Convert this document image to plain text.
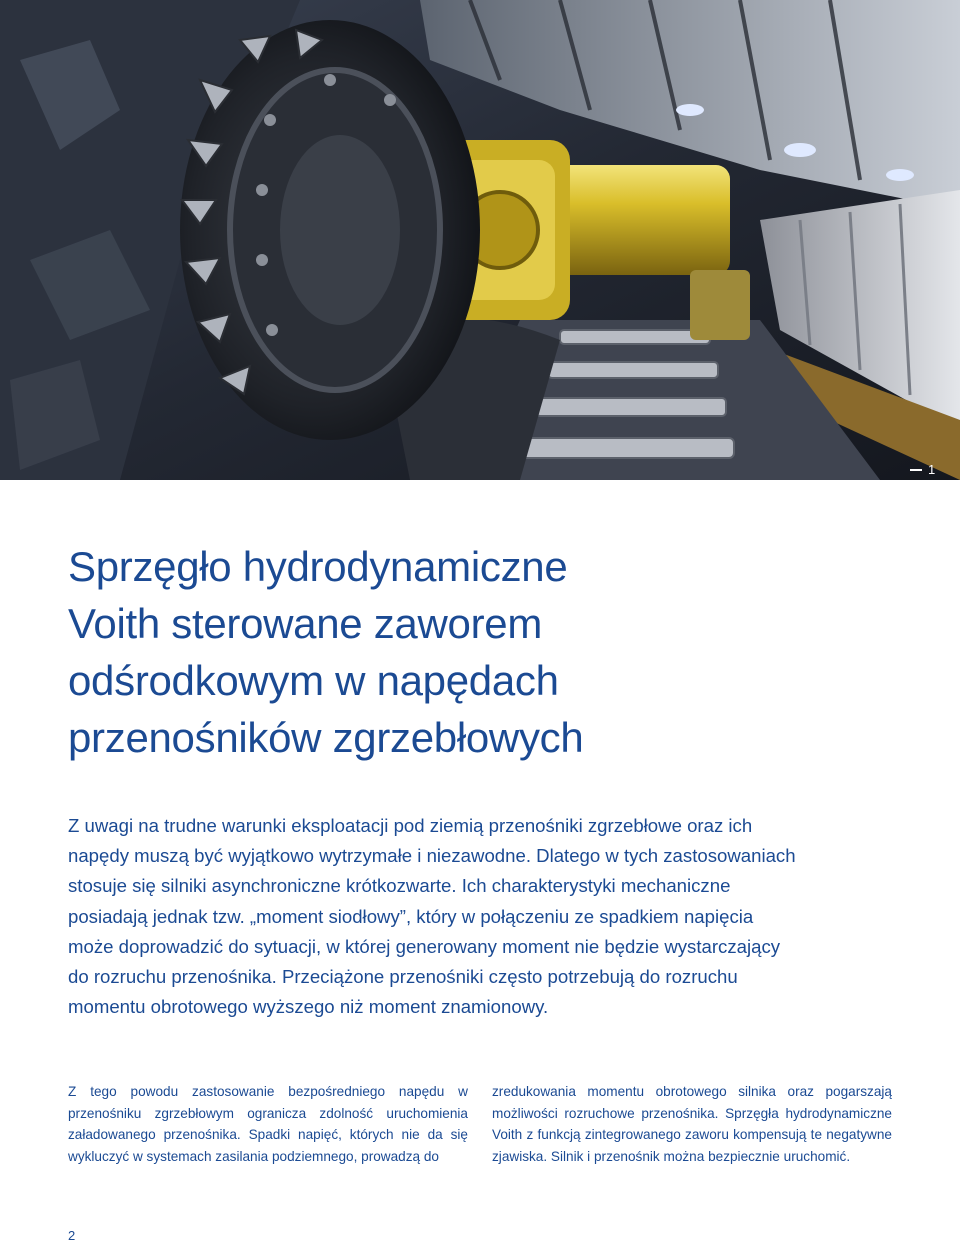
1
Sprzęgło hydrodynamiczne
Voith sterowane zaworem
odśrodkowym w napędach
przenośników zgrzebłowych

Z uwagi na trudne warunki eksploatacji pod ziemią przenośniki zgrzebłowe oraz ich napędy muszą być wyjątkowo wytrzymałe i niezawodne. Dlatego w tych zastosowaniach stosuje się silniki asynchroniczne krótkozwarte. Ich charakterystyki mechaniczne posiadają jednak tzw. „moment siodłowy”, który w połączeniu ze spadkiem napięcia może doprowadzić do sytuacji, w której generowany moment nie będzie wystarczający do rozruchu przenośnika. Przeciążone przenośniki często potrzebują do rozruchu momentu obrotowego wyższego niż moment znamionowy.

Z tego powodu zastosowanie bezpośredniego napędu w przenośniku zgrzebłowym ogranicza zdolność uruchomienia załadowanego przenośnika. Spadki napięć, których nie da się wykluczyć w systemach zasilania podziemnego, prowadzą do

zredukowania momentu obrotowego silnika oraz pogarszają możliwości rozruchowe przenośnika. Sprzęgła hydrodynamiczne Voith z funkcją zintegrowanego zaworu kompensują te negatywne zjawiska. Silnik i przenośnik można bezpiecznie uruchomić.

2
